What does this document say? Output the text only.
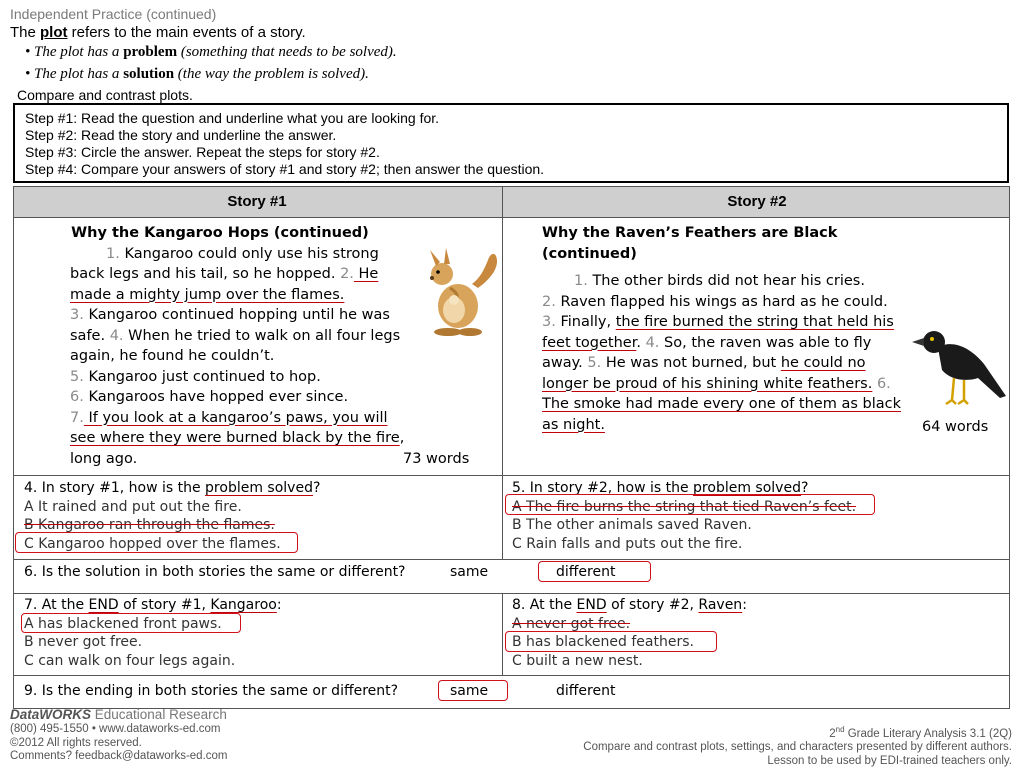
Independent Practice (continued)
The plot refers to the main events of a story.
• The plot has a problem (something that needs to be solved).
• The plot has a solution (the way the problem is solved).
Compare and contrast plots.
Step #1: Read the question and underline what you are looking for.
Step #2: Read the story and underline the answer.
Step #3: Circle the answer. Repeat the steps for story #2.
Step #4: Compare your answers of story #1 and story #2; then answer the question.
Story #1	Story #2
Why the Kangaroo Hops (continued)
1. Kangaroo could only use his strong back legs and his tail, so he hopped. 2. He made a mighty jump over the flames.
3. Kangaroo continued hopping until he was safe. 4. When he tried to walk on all four legs again, he found he couldn’t.
5. Kangaroo just continued to hop.
6. Kangaroos have hopped ever since.
7. If you look at a kangaroo’s paws, you will see where they were burned black by the fire, long ago.	73 words
Why the Raven’s Feathers are Black (continued)
1. The other birds did not hear his cries.
2. Raven flapped his wings as hard as he could. 3. Finally, the fire burned the string that held his feet together. 4. So, the raven was able to fly away. 5. He was not burned, but he could no longer be proud of his shining white feathers. 6. The smoke had made every one of them as black as night.	64 words
4. In story #1, how is the problem solved?
A It rained and put out the fire.
B Kangaroo ran through the flames.
C Kangaroo hopped over the flames.
5. In story #2, how is the problem solved?
A The fire burns the string that tied Raven’s feet.
B The other animals saved Raven.
C Rain falls and puts out the fire.
6. Is the solution in both stories the same or different?	same	different
7. At the END of story #1, Kangaroo:
A has blackened front paws.
B never got free.
C can walk on four legs again.
8. At the END of story #2, Raven:
A never got free.
B has blackened feathers.
C built a new nest.
9. Is the ending in both stories the same or different?	same	different
DataWORKS Educational Research
(800) 495-1550 • www.dataworks-ed.com
©2012 All rights reserved.
Comments? feedback@dataworks-ed.com
2nd Grade Literary Analysis 3.1 (2Q)
Compare and contrast plots, settings, and characters presented by different authors.
Lesson to be used by EDI-trained teachers only.
